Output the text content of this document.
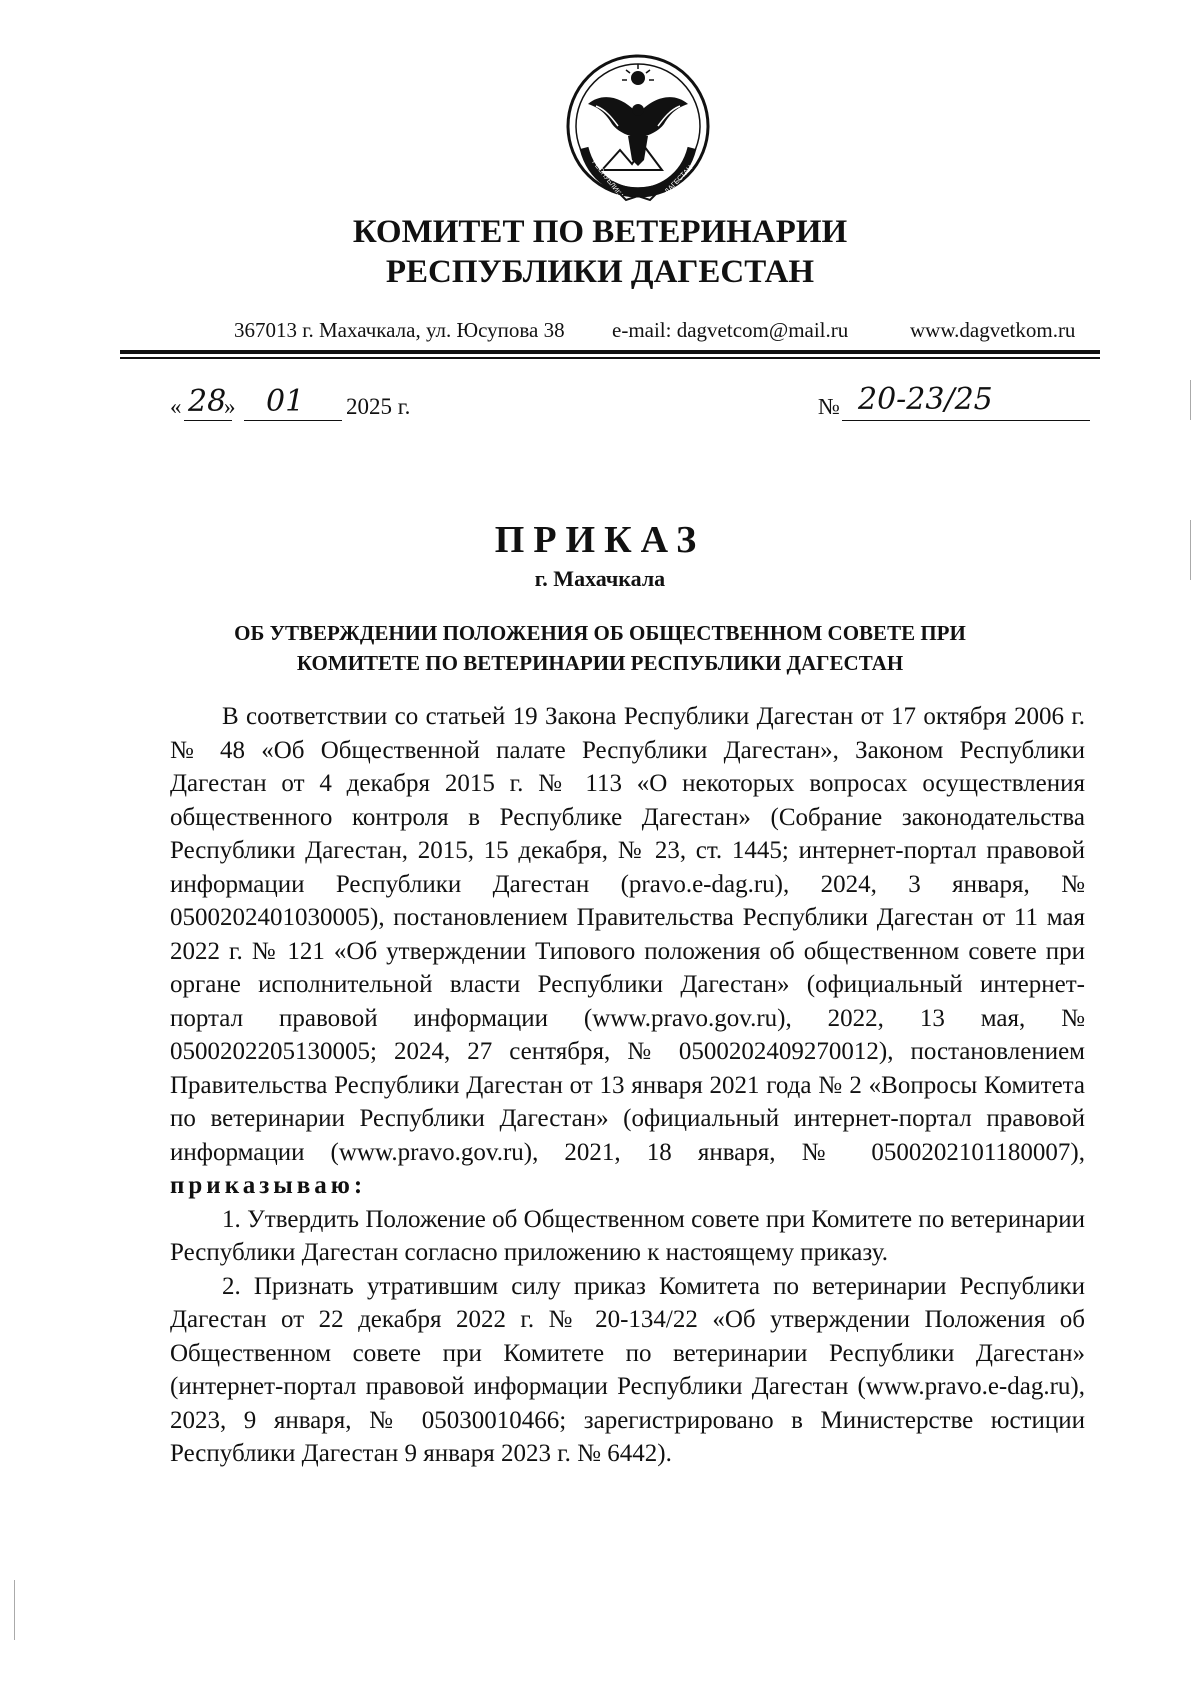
РЕСПУБЛИКА	ДАГЕСТАН
КОМИТЕТ ПО ВЕТЕРИНАРИИ
РЕСПУБЛИКИ ДАГЕСТАН
367013 г. Махачкала, ул. Юсупова 38 e-mail: dagvetcom@mail.ru	www.dagvetkom.ru
« 28
» 01 2025 г.	№ 20-23/25
ПРИКАЗ
г. Махачкала
ОБ УТВЕРЖДЕНИИ ПОЛОЖЕНИЯ ОБ ОБЩЕСТВЕННОМ СОВЕТЕ ПРИ
КОМИТЕТЕ ПО ВЕТЕРИНАРИИ РЕСПУБЛИКИ ДАГЕСТАН

В соответствии со статьей 19 Закона Республики Дагестан от 17 октября 2006 г. № 48 «Об Общественной палате Республики Дагестан», Законом Республики Дагестан от 4 декабря 2015 г. № 113 «О некоторых вопросах осуществления общественного контроля в Республике Дагестан» (Собрание законодательства Республики Дагестан, 2015, 15 декабря, № 23, ст. 1445; интернет-портал правовой информации Республики Дагестан (pravo.e-dag.ru), 2024, 3 января, № 0500202401030005), постановлением Правительства Республики Дагестан от 11 мая 2022 г. № 121 «Об утверждении Типового положения об общественном совете при органе исполнительной власти Республики Дагестан» (официальный интернет-портал правовой информации (www.pravo.gov.ru), 2022, 13 мая, № 0500202205130005; 2024, 27 сентября, № 0500202409270012), постановлением Правительства Республики Дагестан от 13 января 2021 года № 2 «Вопросы Комитета по ветеринарии Республики Дагестан» (официальный интернет-портал правовой информации (www.pravo.gov.ru), 2021, 18 января, № 0500202101180007), приказываю:

1. Утвердить Положение об Общественном совете при Комитете по ветеринарии Республики Дагестан согласно приложению к настоящему приказу.

2. Признать утратившим силу приказ Комитета по ветеринарии Республики Дагестан от 22 декабря 2022 г. № 20-134/22 «Об утверждении Положения об Общественном совете при Комитете по ветеринарии Республики Дагестан» (интернет-портал правовой информации Республики Дагестан (www.pravo.e-dag.ru), 2023, 9 января, № 05030010466; зарегистрировано в Министерстве юстиции Республики Дагестан 9 января 2023 г. № 6442).
